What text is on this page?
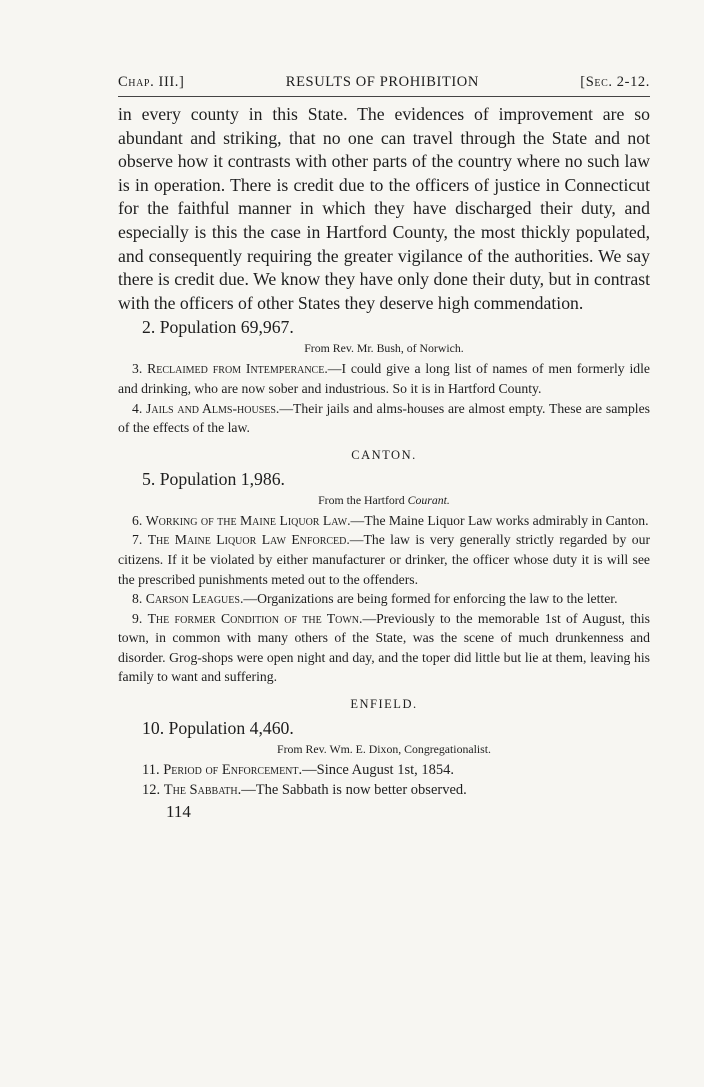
Chap. III.]	RESULTS OF PROHIBITION	[Sec. 2-12.

in every county in this State. The evidences of improvement are so abundant and striking, that no one can travel through the State and not observe how it contrasts with other parts of the country where no such law is in operation. There is credit due to the officers of justice in Connecticut for the faithful manner in which they have discharged their duty, and especially is this the case in Hartford County, the most thickly populated, and consequently requiring the greater vigilance of the authorities. We say there is credit due. We know they have only done their duty, but in contrast with the officers of other States they deserve high commendation.

2. Population 69,967.

From Rev. Mr. Bush, of Norwich.

3. Reclaimed from Intemperance.—I could give a long list of names of men formerly idle and drinking, who are now sober and industrious. So it is in Hartford County.

4. Jails and Alms-houses.—Their jails and alms-houses are almost empty. These are samples of the effects of the law.

CANTON.

5. Population 1,986.

From the Hartford Courant.

6. Working of the Maine Liquor Law.—The Maine Liquor Law works admirably in Canton.

7. The Maine Liquor Law Enforced.—The law is very generally strictly regarded by our citizens. If it be violated by either manufacturer or drinker, the officer whose duty it is will see the prescribed punishments meted out to the offenders.

8. Carson Leagues.—Organizations are being formed for enforcing the law to the letter.

9. The former Condition of the Town.—Previously to the memorable 1st of August, this town, in common with many others of the State, was the scene of much drunkenness and disorder. Grog-shops were open night and day, and the toper did little but lie at them, leaving his family to want and suffering.

ENFIELD.

10. Population 4,460.

From Rev. Wm. E. Dixon, Congregationalist.

11. Period of Enforcement.—Since August 1st, 1854.

12. The Sabbath.—The Sabbath is now better observed.

114
